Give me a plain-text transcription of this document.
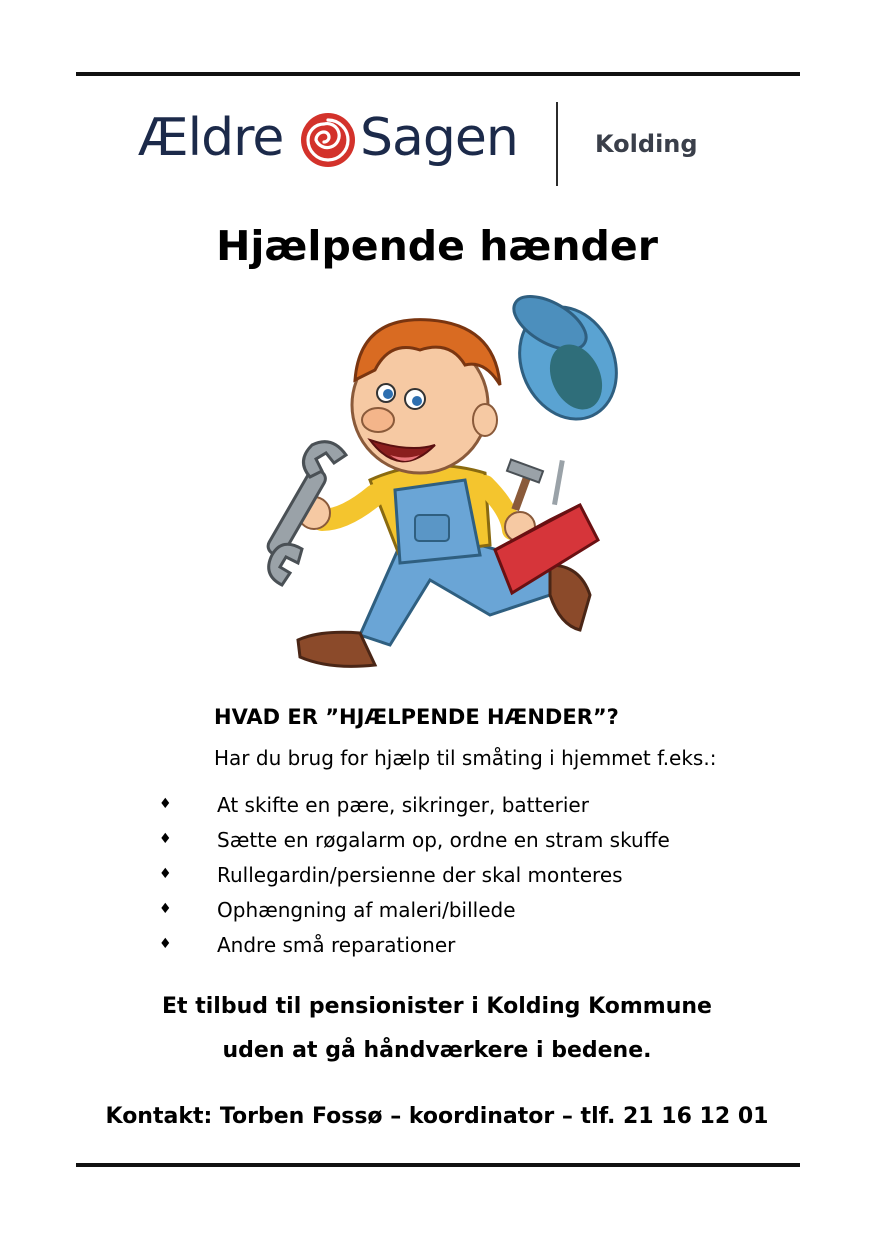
Ældre Sagen	Kolding
Hjælpende hænder
HVAD ER ”HJÆLPENDE HÆNDER”?
Har du brug for hjælp til småting i hjemmet f.eks.:
♦ At skifte en pære, sikringer, batterier
♦ Sætte en røgalarm op, ordne en stram skuffe
♦ Rullegardin/persienne der skal monteres
♦ Ophængning af maleri/billede
♦ Andre små reparationer
Et tilbud til pensionister i Kolding Kommune
uden at gå håndværkere i bedene.
Kontakt: Torben Fossø – koordinator – tlf. 21 16 12 01
